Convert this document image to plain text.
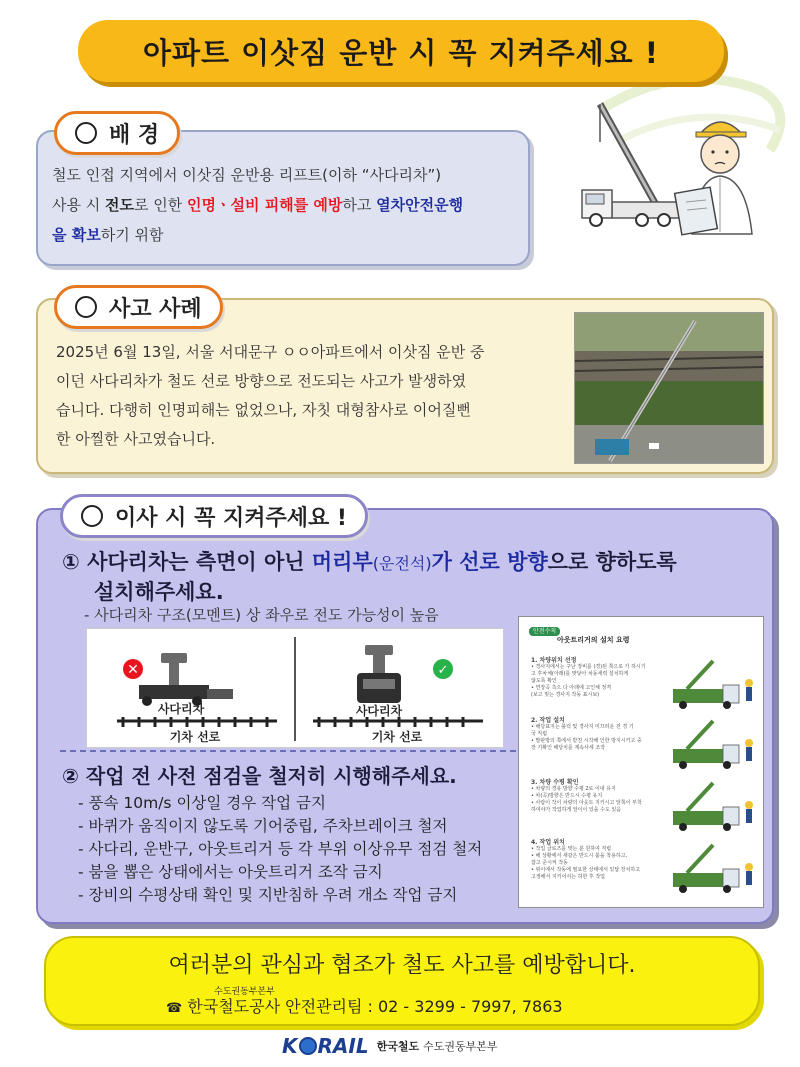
아파트 이삿짐 운반 시 꼭 지켜주세요 !
배 경
철도 인접 지역에서 이삿짐 운반용 리프트(이하 “사다리차”)
사용 시 전도로 인한 인명ㆍ설비 피해를 예방하고 열차안전운행
을 확보하기 위함
사고 사례
2025년 6월 13일, 서울 서대문구 ㅇㅇ아파트에서 이삿짐 운반 중
이던 사다리차가 철도 선로 방향으로 전도되는 사고가 발생하였
습니다. 다행히 인명피해는 없었으나, 자칫 대형참사로 이어질뻔
한 아찔한 사고였습니다.
이사 시 꼭 지켜주세요 !
① 사다리차는 측면이 아닌 머리부(운전석)가 선로 방향으로 향하도록
설치해주세요.
- 사다리차 구조(모멘트) 상 좌우로 전도 가능성이 높음
✕
사다리차
기차 선로
✓
사다리차
기차 선로
② 작업 전 사전 점검을 철저히 시행해주세요.
- 풍속 10m/s 이상일 경우 작업 금지
- 바퀴가 움직이지 않도록 기어중립, 주차브레이크 철저
- 사다리, 운반구, 아웃트리거 등 각 부위 이상유무 점검 철저
- 붐을 뽑은 상태에서는 아웃트리거 조작 금지
- 장비의 수평상태 확인 및 지반침하 우려 개소 작업 금지
안전수칙
아웃트리거의 설치 요령
1. 차량위치 선정
• 경사지에서는 구난 장비를 (경)된 쪽으로 가 하시기
고 후차체(아래)를 맞닿아 차동세력 설치하게
않도록 확인
• 연장곡 측으 다 아래에 고인체 정격
(보고 벗는 경사지 작동 표시보)
2. 작업 설치
• 해당표지는 블럭 및 경사지 미끄러운 전 경 기
국 직립
• 발판방의 쪽에서 받친 시작해 인한 방지시키고 중
장 기확인 해당치를 계속사세 조작
3. 차량 수평 확인
• 차량의 경유 방향 수평 2로 이내 유지
• 차(곡)방향은 반드시 수평 유지
• 사람이 작이 차량의 아웃트 지키시고 앞쪽이 부착
하여야가 작업하게 앞이이 있을 수도 있음
4. 작업 위치
• 작업 클로즈를 맞는 분 원하여 직립
• 해 상황에서 새같은 반드시 붐을 착용하고,
잡고 준시켜 작동
• 위이에서 작동에 필요한 상태에서 있답 장치하고
고정해서 지키어서는 허한 후 작업
여러분의 관심과 협조가 철도 사고를 예방합니다.
수도권동부본부
☎ 한국철도공사 안전관리팀 : 02 - 3299 - 7997, 7863
K RAIL 한국철도 수도권동부본부
